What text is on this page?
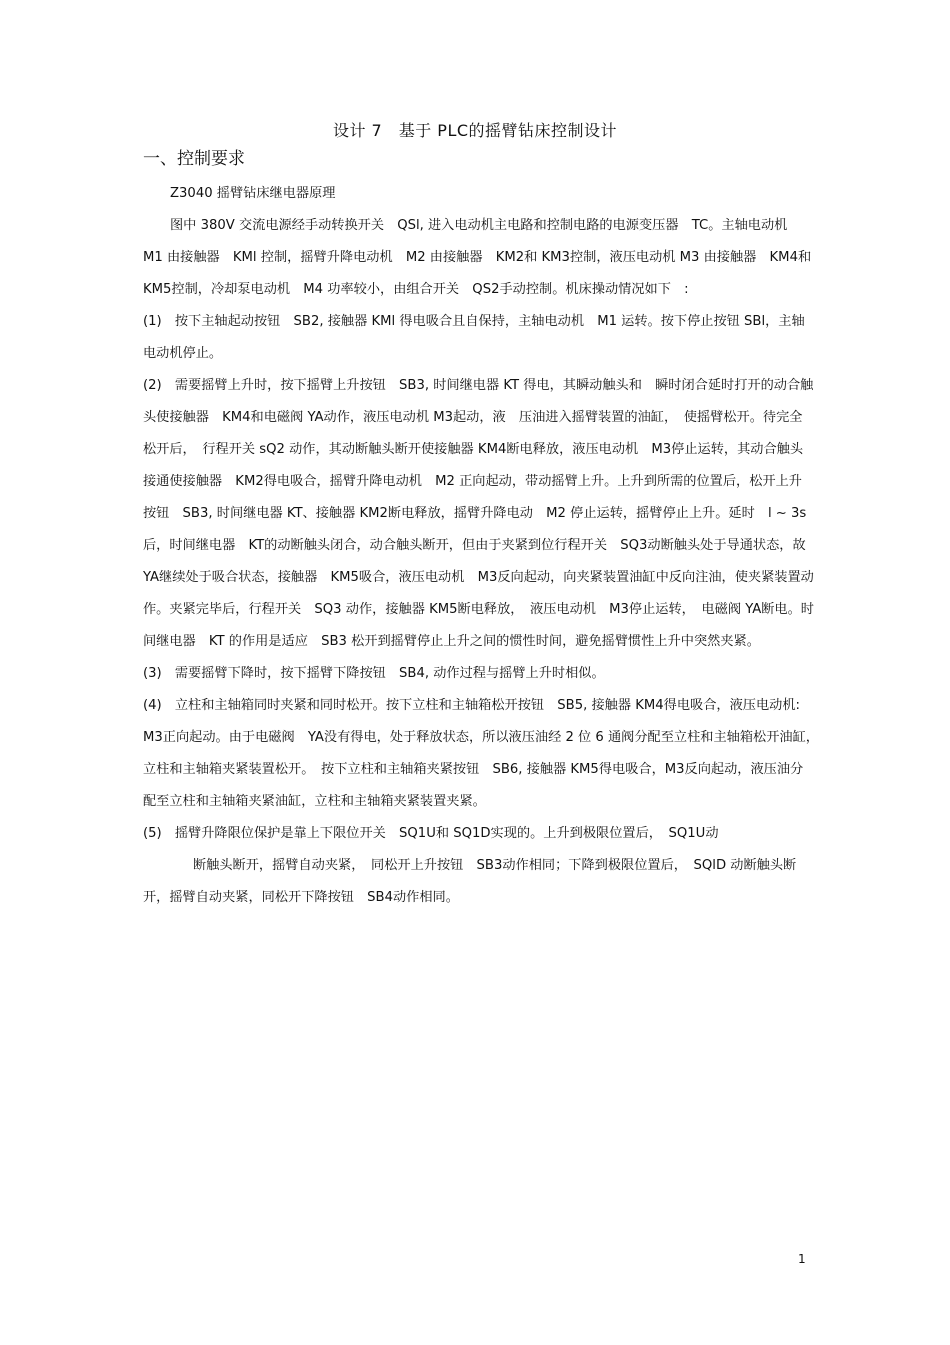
设计 7　基于 PLC的摇臂钻床控制设计
一、控制要求

Z3040 摇臂钻床继电器原理

图中 380V 交流电源经手动转换开关　QSl, 进入电动机主电路和控制电路的电源变压器　TC。主轴电动机　M1 由接触器　KMl 控制，摇臂升降电动机　M2 由接触器　KM2和 KM3控制，液压电动机 M3 由接触器　KM4和 KM5控制，冷却泵电动机　M4 功率较小，由组合开关　QS2手动控制。机床操动情况如下　:

(1)　按下主轴起动按钮　SB2, 接触器 KMl 得电吸合且自保持，主轴电动机　M1 运转。按下停止按钮 SBl，主轴电动机停止。

(2)　需要摇臂上升时，按下摇臂上升按钮　SB3, 时间继电器 KT 得电，其瞬动触头和　瞬时闭合延时打开的动合触头使接触器　KM4和电磁阀 YA动作，液压电动机 M3起动，液　压油进入摇臂装置的油缸，　使摇臂松开。待完全松开后，　行程开关 sQ2 动作，其动断触头断开使接触器 KM4断电释放，液压电动机　M3停止运转，其动合触头接通使接触器　KM2得电吸合，摇臂升降电动机　M2 正向起动，带动摇臂上升。上升到所需的位置后，松开上升按钮　SB3, 时间继电器 KT、接触器 KM2断电释放，摇臂升降电动　M2 停止运转，摇臂停止上升。延时　l ~ 3s 后，时间继电器　KT的动断触头闭合，动合触头断开，但由于夹紧到位行程开关　SQ3动断触头处于导通状态，故　YA继续处于吸合状态，接触器　KM5吸合，液压电动机　M3反向起动，向夹紧装置油缸中反向注油，使夹紧装置动作。夹紧完毕后，行程开关　SQ3 动作，接触器 KM5断电释放，　液压电动机　M3停止运转，　电磁阀 YA断电。时间继电器　KT 的作用是适应　SB3 松开到摇臂停止上升之间的惯性时间，避免摇臂惯性上升中突然夹紧。

(3)　需要摇臂下降时，按下摇臂下降按钮　SB4, 动作过程与摇臂上升时相似。

(4)　立柱和主轴箱同时夹紧和同时松开。按下立柱和主轴箱松开按钮　SB5, 接触器 KM4得电吸合，液压电动机:　M3正向起动。由于电磁阀　YA没有得电，处于释放状态，所以液压油经 2 位 6 通阀分配至立柱和主轴箱松开油缸，　立柱和主轴箱夹紧装置松开。　按下立柱和主轴箱夹紧按钮　SB6, 接触器 KM5得电吸合，M3反向起动，液压油分配至立柱和主轴箱夹紧油缸，立柱和主轴箱夹紧装置夹紧。

(5)　摇臂升降限位保护是靠上下限位开关　SQ1U和 SQ1D实现的。上升到极限位置后，　SQ1U动

断触头断开，摇臂自动夹紧，　同松开上升按钮　SB3动作相同；下降到极限位置后，　SQlD 动断触头断开，摇臂自动夹紧，同松开下降按钮　SB4动作相同。

1
